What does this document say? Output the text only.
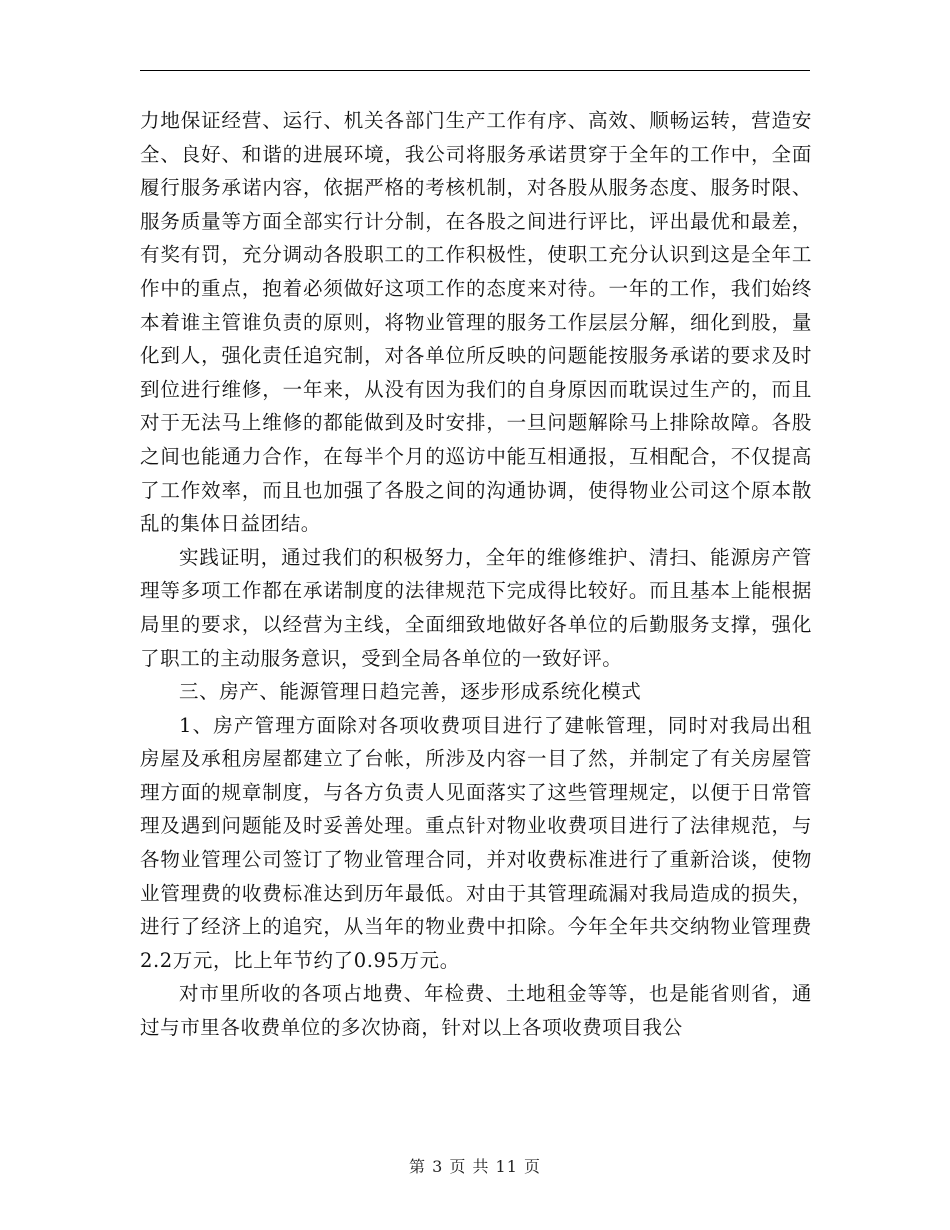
力地保证经营、运行、机关各部门生产工作有序、高效、顺畅运转，营造安全、良好、和谐的进展环境，我公司将服务承诺贯穿于全年的工作中，全面履行服务承诺内容，依据严格的考核机制，对各股从服务态度、服务时限、服务质量等方面全部实行计分制，在各股之间进行评比，评出最优和最差，有奖有罚，充分调动各股职工的工作积极性，使职工充分认识到这是全年工作中的重点，抱着必须做好这项工作的态度来对待。一年的工作，我们始终本着谁主管谁负责的原则，将物业管理的服务工作层层分解，细化到股，量化到人，强化责任追究制，对各单位所反映的问题能按服务承诺的要求及时到位进行维修，一年来，从没有因为我们的自身原因而耽误过生产的，而且对于无法马上维修的都能做到及时安排，一旦问题解除马上排除故障。各股之间也能通力合作，在每半个月的巡访中能互相通报，互相配合，不仅提高了工作效率，而且也加强了各股之间的沟通协调，使得物业公司这个原本散乱的集体日益团结。

实践证明，通过我们的积极努力，全年的维修维护、清扫、能源房产管理等多项工作都在承诺制度的法律规范下完成得比较好。而且基本上能根据局里的要求，以经营为主线，全面细致地做好各单位的后勤服务支撑，强化了职工的主动服务意识，受到全局各单位的一致好评。

三、房产、能源管理日趋完善，逐步形成系统化模式

1、房产管理方面除对各项收费项目进行了建帐管理，同时对我局出租房屋及承租房屋都建立了台帐，所涉及内容一目了然，并制定了有关房屋管理方面的规章制度，与各方负责人见面落实了这些管理规定，以便于日常管理及遇到问题能及时妥善处理。重点针对物业收费项目进行了法律规范，与各物业管理公司签订了物业管理合同，并对收费标准进行了重新洽谈，使物业管理费的收费标准达到历年最低。对由于其管理疏漏对我局造成的损失，进行了经济上的追究，从当年的物业费中扣除。今年全年共交纳物业管理费2.2万元，比上年节约了0.95万元。

对市里所收的各项占地费、年检费、土地租金等等，也是能省则省，通过与市里各收费单位的多次协商，针对以上各项收费项目我公

第 3 页 共 11 页
